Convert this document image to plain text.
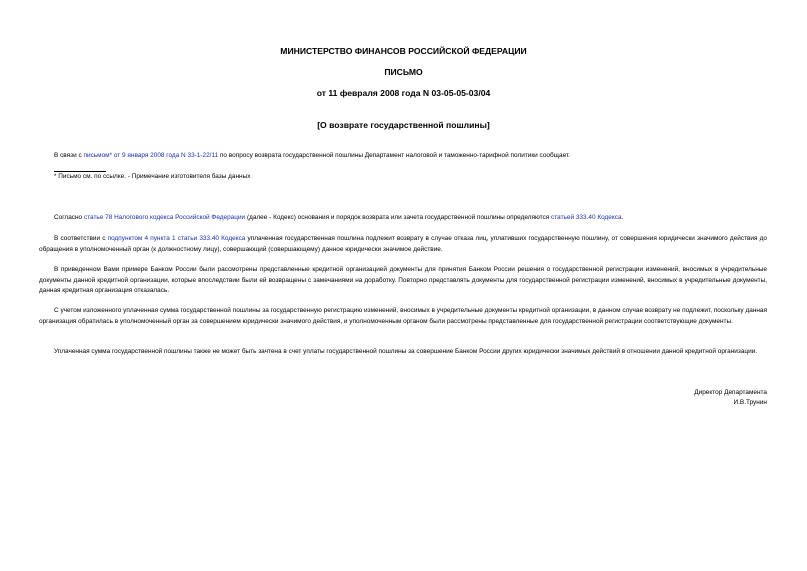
МИНИСТЕРСТВО ФИНАНСОВ РОССИЙСКОЙ ФЕДЕРАЦИИ
ПИСЬМО
от 11 февраля 2008 года N 03-05-05-03/04
[О возврате государственной пошлины]
В связи с письмом* от 9 января 2008 года N 33-1-22/11 по вопросу возврата государственной пошлины Департамент налоговой и таможенно-тарифной политики сообщает.
* Письмо см. по ссылке. - Примечание изготовителя базы данных
Согласно статье 78 Налогового кодекса Российской Федерации (далее - Кодекс) основания и порядок возврата или зачета государственной пошлины определяются статьей 333.40 Кодекса.
В соответствии с подпунктом 4 пункта 1 статьи 333.40 Кодекса уплаченная государственная пошлина подлежит возврату в случае отказа лиц, уплативших государственную пошлину, от совершения юридически значимого действия до обращения в уполномоченный орган (к должностному лицу), совершающий (совершающему) данное юридически значимое действие.
В приведенном Вами примере Банком России были рассмотрены представленные кредитной организацией документы для принятия Банком России решения о государственной регистрации изменений, вносимых в учредительные документы данной кредитной организации, которые впоследствии были ей возвращены с замечаниями на доработку. Повторно представлять документы для государственной регистрации изменений, вносимых в учредительные документы, данная кредитная организация отказалась.
С учетом изложенного уплаченная сумма государственной пошлины за государственную регистрацию изменений, вносимых в учредительные документы кредитной организации, в данном случае возврату не подлежит, поскольку данная организация обратилась в уполномоченный орган за совершением юридически значимого действия, и уполномоченным органом были рассмотрены представленные для государственной регистрации соответствующие документы.
Уплаченная сумма государственной пошлины также не может быть зачтена в счет уплаты государственной пошлины за совершение Банком России других юридически значимых действий в отношении данной кредитной организации.
Директор Департамента
И.В.Трунин
